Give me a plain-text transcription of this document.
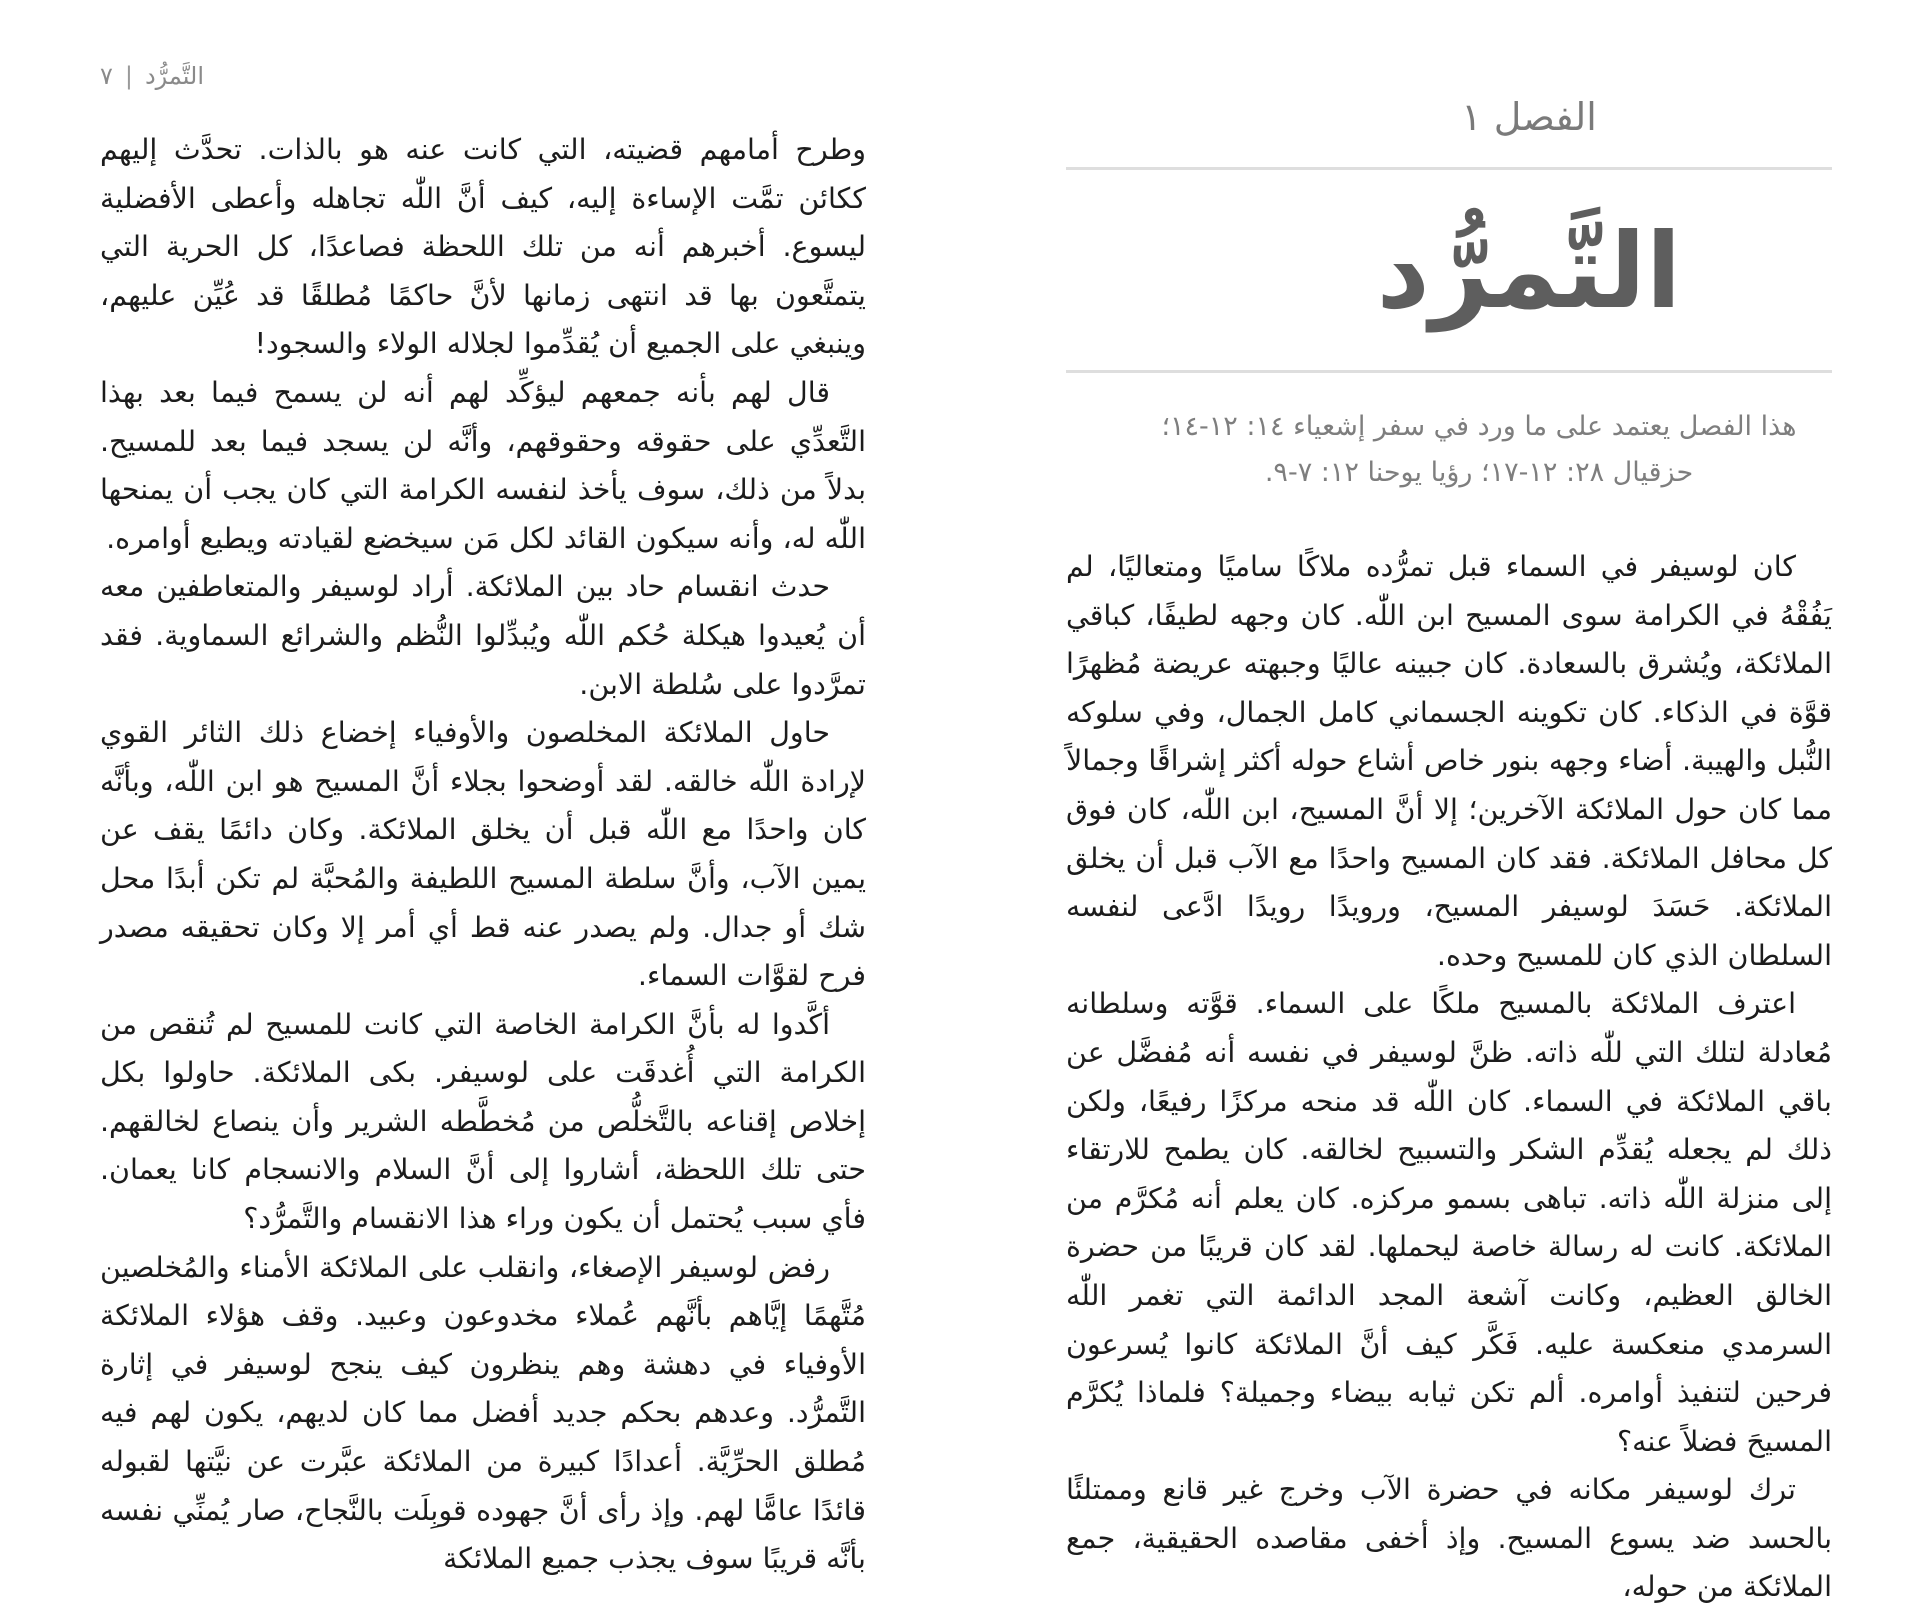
٧ | التَّمرُّد

وطرح أمامهم قضيته، التي كانت عنه هو بالذات. تحدَّث إليهم ككائن تمَّت الإساءة إليه، كيف أنَّ اللّٰه تجاهله وأعطى الأفضلية ليسوع. أخبرهم أنه من تلك اللحظة فصاعدًا، كل الحرية التي يتمتَّعون بها قد انتهى زمانها لأنَّ حاكمًا مُطلقًا قد عُيِّن عليهم، وينبغي على الجميع أن يُقدِّموا لجلاله الولاء والسجود!

قال لهم بأنه جمعهم ليؤكِّد لهم أنه لن يسمح فيما بعد بهذا التَّعدِّي على حقوقه وحقوقهم، وأنَّه لن يسجد فيما بعد للمسيح. بدلاً من ذلك، سوف يأخذ لنفسه الكرامة التي كان يجب أن يمنحها اللّٰه له، وأنه سيكون القائد لكل مَن سيخضع لقيادته ويطيع أوامره.

حدث انقسام حاد بين الملائكة. أراد لوسيفر والمتعاطفين معه أن يُعيدوا هيكلة حُكم اللّٰه ويُبدِّلوا النُّظم والشرائع السماوية. فقد تمرَّدوا على سُلطة الابن.

حاول الملائكة المخلصون والأوفياء إخضاع ذلك الثائر القوي لإرادة اللّٰه خالقه. لقد أوضحوا بجلاء أنَّ المسيح هو ابن اللّٰه، وبأنَّه كان واحدًا مع اللّٰه قبل أن يخلق الملائكة. وكان دائمًا يقف عن يمين الآب، وأنَّ سلطة المسيح اللطيفة والمُحبَّة لم تكن أبدًا محل شك أو جدال. ولم يصدر عنه قط أي أمر إلا وكان تحقيقه مصدر فرح لقوَّات السماء.

أكَّدوا له بأنَّ الكرامة الخاصة التي كانت للمسيح لم تُنقص من الكرامة التي أُغدقَت على لوسيفر. بكى الملائكة. حاولوا بكل إخلاص إقناعه بالتَّخلُّص من مُخطَّطه الشرير وأن ينصاع لخالقهم. حتى تلك اللحظة، أشاروا إلى أنَّ السلام والانسجام كانا يعمان. فأي سبب يُحتمل أن يكون وراء هذا الانقسام والتَّمرُّد؟

رفض لوسيفر الإصغاء، وانقلب على الملائكة الأمناء والمُخلصين مُتَّهمًا إيَّاهم بأنَّهم عُملاء مخدوعون وعبيد. وقف هؤلاء الملائكة الأوفياء في دهشة وهم ينظرون كيف ينجح لوسيفر في إثارة التَّمرُّد. وعدهم بحكم جديد أفضل مما كان لديهم، يكون لهم فيه مُطلق الحرِّيَّة. أعدادًا كبيرة من الملائكة عبَّرت عن نيَّتها لقبوله قائدًا عامًّا لهم. وإذ رأى أنَّ جهوده قوبِلَت بالنَّجاح، صار يُمنِّي نفسه بأنَّه قريبًا سوف يجذب جميع الملائكة

الفصل ١
التَّمرُّد
هذا الفصل يعتمد على ما ورد في سفر إشعياء ١٤: ١٢-١٤؛
حزقيال ٢٨: ١٢-١٧؛ رؤيا يوحنا ١٢: ٧-٩.

كان لوسيفر في السماء قبل تمرُّده ملاكًا ساميًا ومتعاليًا، لم يَفُقْهُ في الكرامة سوى المسيح ابن اللّٰه. كان وجهه لطيفًا، كباقي الملائكة، ويُشرق بالسعادة. كان جبينه عاليًا وجبهته عريضة مُظهرًا قوَّة في الذكاء. كان تكوينه الجسماني كامل الجمال، وفي سلوكه النُّبل والهيبة. أضاء وجهه بنور خاص أشاع حوله أكثر إشراقًا وجمالاً مما كان حول الملائكة الآخرين؛ إلا أنَّ المسيح، ابن اللّٰه، كان فوق كل محافل الملائكة. فقد كان المسيح واحدًا مع الآب قبل أن يخلق الملائكة. حَسَدَ لوسيفر المسيح، ورويدًا رويدًا ادَّعى لنفسه السلطان الذي كان للمسيح وحده.

اعترف الملائكة بالمسيح ملكًا على السماء. قوَّته وسلطانه مُعادلة لتلك التي للّٰه ذاته. ظنَّ لوسيفر في نفسه أنه مُفضَّل عن باقي الملائكة في السماء. كان اللّٰه قد منحه مركزًا رفيعًا، ولكن ذلك لم يجعله يُقدِّم الشكر والتسبيح لخالقه. كان يطمح للارتقاء إلى منزلة اللّٰه ذاته. تباهى بسمو مركزه. كان يعلم أنه مُكرَّم من الملائكة. كانت له رسالة خاصة ليحملها. لقد كان قريبًا من حضرة الخالق العظيم، وكانت آشعة المجد الدائمة التي تغمر اللّٰه السرمدي منعكسة عليه. فَكَّر كيف أنَّ الملائكة كانوا يُسرعون فرحين لتنفيذ أوامره. ألم تكن ثيابه بيضاء وجميلة؟ فلماذا يُكرَّم المسيحَ فضلاً عنه؟

ترك لوسيفر مكانه في حضرة الآب وخرج غير قانع وممتلئًا بالحسد ضد يسوع المسيح. وإذ أخفى مقاصده الحقيقية، جمع الملائكة من حوله،
